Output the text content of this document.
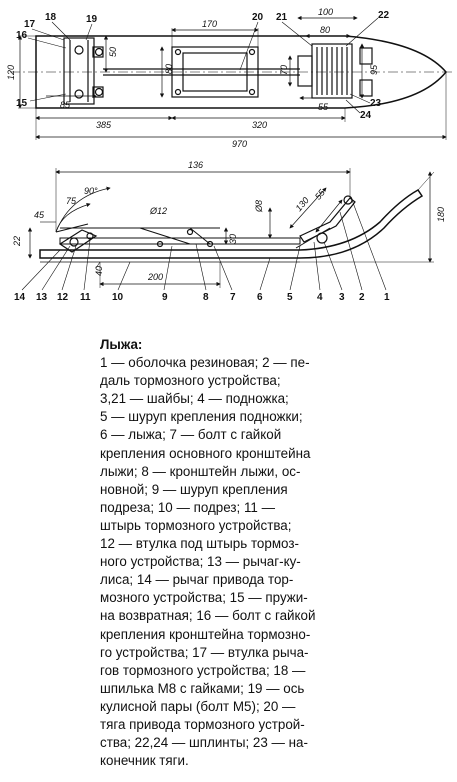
170
100
80
120
50
80	70	95
85	55
385	320
970
17
18	19
16
15
20 21	22
23
24
136
90°
75
45
22
Ø12	Ø8	130
55
180
30
40
200
14 13 12 11 10	9	8 7 6 5 4 3 2 1
Лыжа:
1 — оболочка резиновая; 2 — пе-
даль тормозного устройства;
3,21 — шайбы; 4 — подножка;
5 — шуруп крепления подножки;
6 — лыжа; 7 — болт с гайкой
крепления основного кронштейна
лыжи; 8 — кронштейн лыжи, ос-
новной; 9 — шуруп крепления
подреза; 10 — подрез; 11 —
штырь тормозного устройства;
12 — втулка под штырь тормоз-
ного устройства; 13 — рычаг-ку-
лиса; 14 — рычаг привода тор-
мозного устройства; 15 — пружи-
на возвратная; 16 — болт с гайкой
крепления кронштейна тормозно-
го устройства; 17 — втулка рыча-
гов тормозного устройства; 18 —
шпилька М8 с гайками; 19 — ось
кулисной пары (болт М5); 20 —
тяга привода тормозного устрой-
ства; 22,24 — шплинты; 23 — на-
конечник тяги.
